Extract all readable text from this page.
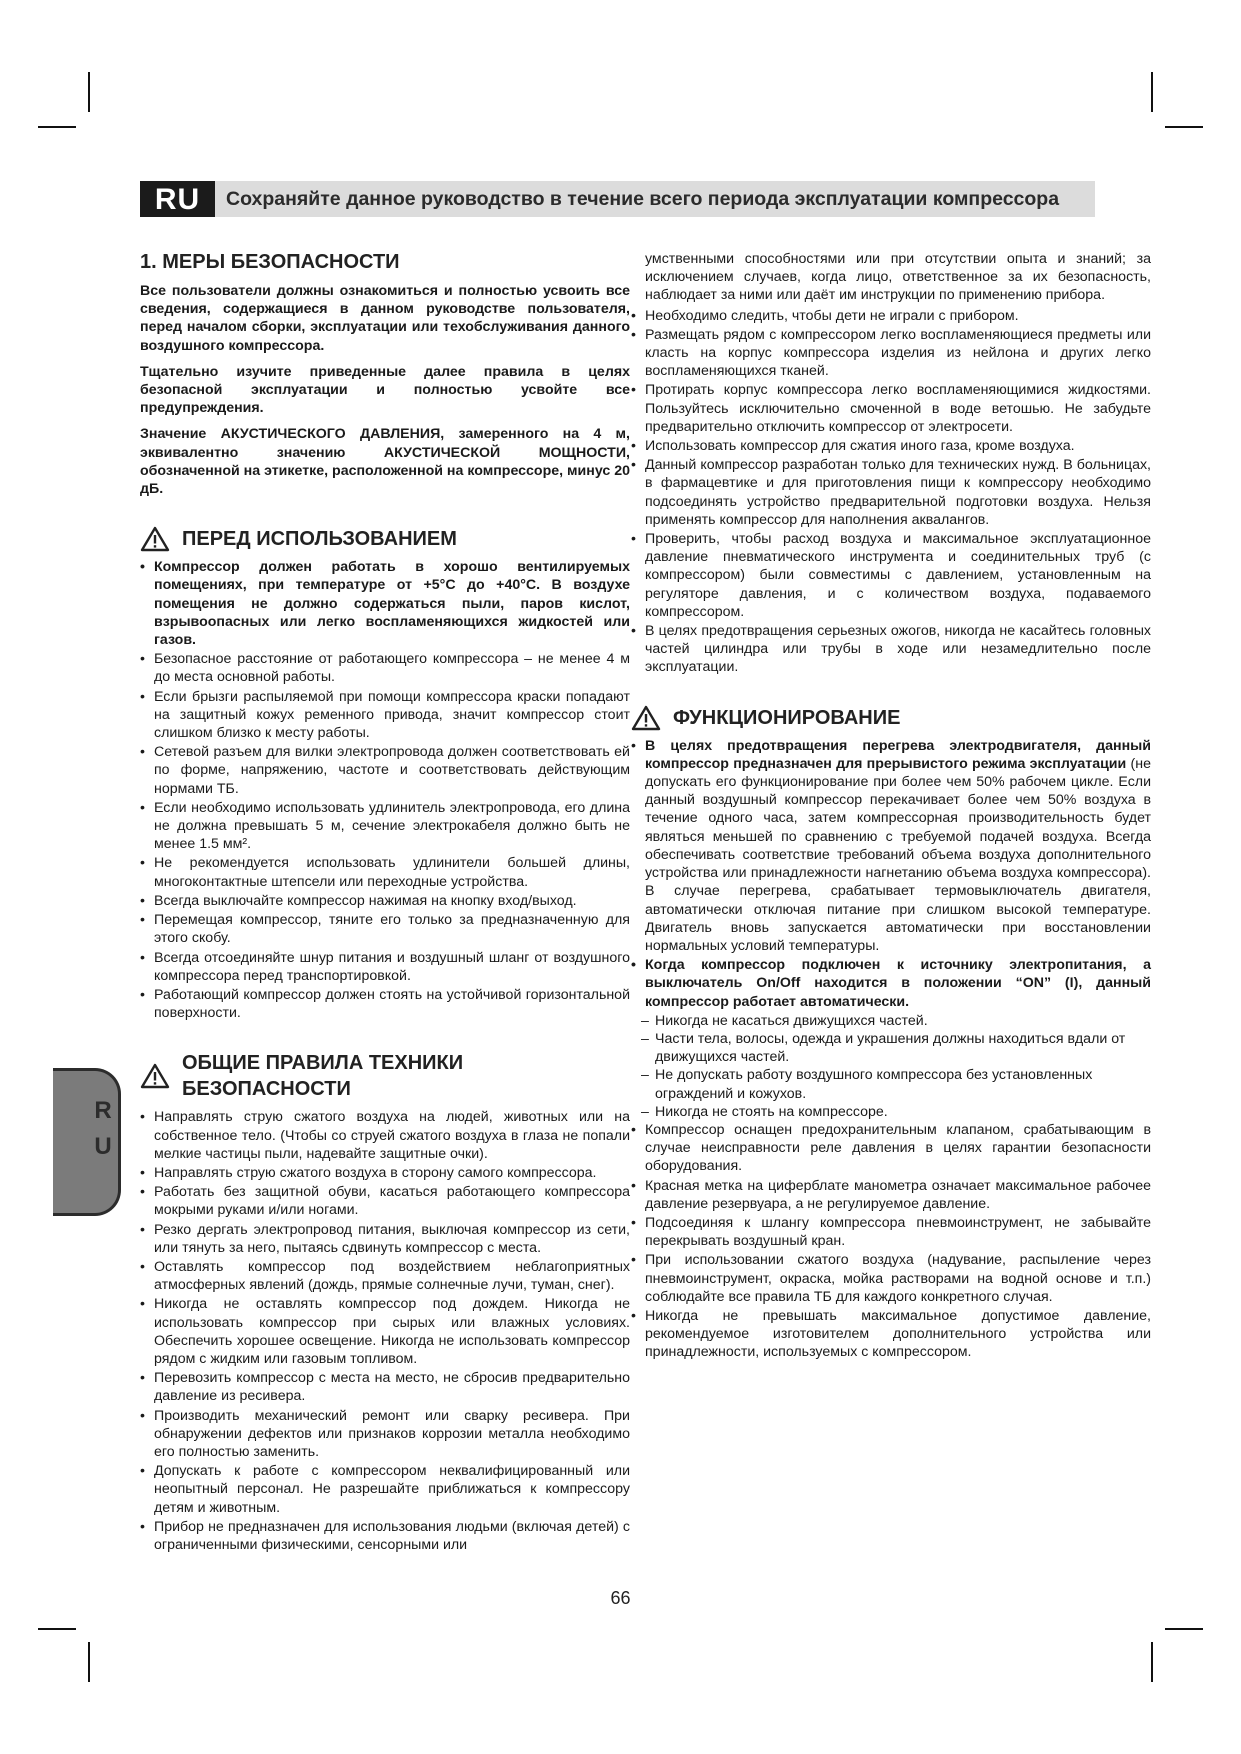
RU	Сохраняйте данное руководство в течение всего периода эксплуатации компрессора
1. МЕРЫ БЕЗОПАСНОСТИ

Все пользователи должны ознакомиться и полностью усвоить все сведения, содержащиеся в данном руководстве пользователя, перед началом сборки, эксплуатации или техобслуживания данного воздушного компрессора.

Тщательно изучите приведенные далее правила в целях безопасной эксплуатации и полностью усвойте все предупреждения.

Значение АКУСТИЧЕСКОГО ДАВЛЕНИЯ, замеренного на 4 м, эквивалентно значению АКУСТИЧЕСКОЙ МОЩНОСТИ, обозначенной на этикетке, расположенной на компрессоре, минус 20 дБ.

ПЕРЕД ИСПОЛЬЗОВАНИЕМ
• Компрессор должен работать в хорошо вентилируемых помещениях, при температуре от +5°C до +40°C. В воздухе помещения не должно содержаться пыли, паров кислот, взрывоопасных или легко воспламеняющихся жидкостей или газов.
• Безопасное расстояние от работающего компрессора – не менее 4 м до места основной работы.
• Если брызги распыляемой при помощи компрессора краски попадают на защитный кожух ременного привода, значит компрессор стоит слишком близко к месту работы.
• Сетевой разъем для вилки электропровода должен соответствовать ей по форме, напряжению, частоте и соответствовать действующим нормами ТБ.
• Если необходимо использовать удлинитель электропровода, его длина не должна превышать 5 м, сечение электрокабеля должно быть не менее 1.5 мм².
• Не рекомендуется использовать удлинители большей длины, многоконтактные штепсели или переходные устройства.
• Всегда выключайте компрессор нажимая на кнопку вход/выход.
• Перемещая компрессор, тяните его только за предназначенную для этого скобу.
• Всегда отсоединяйте шнур питания и воздушный шланг от воздушного компрессора перед транспортировкой.
• Работающий компрессор должен стоять на устойчивой горизонтальной поверхности.
ОБЩИЕ ПРАВИЛА ТЕХНИКИ БЕЗОПАСНОСТИ
• Направлять струю сжатого воздуха на людей, животных или на собственное тело. (Чтобы со струей сжатого воздуха в глаза не попали мелкие частицы пыли, надевайте защитные очки).
• Направлять струю сжатого воздуха в сторону самого компрессора.
• Работать без защитной обуви, касаться работающего компрессора мокрыми руками и/или ногами.
• Резко дергать электропровод питания, выключая компрессор из сети, или тянуть за него, пытаясь сдвинуть компрессор с места.
• Оставлять компрессор под воздействием неблагоприятных атмосферных явлений (дождь, прямые солнечные лучи, туман, снег).
• Никогда не оставлять компрессор под дождем. Никогда не использовать компрессор при сырых или влажных условиях. Обеспечить хорошее освещение. Никогда не использовать компрессор рядом с жидким или газовым топливом.
• Перевозить компрессор с места на место, не сбросив предварительно давление из ресивера.
• Производить механический ремонт или сварку ресивера. При обнаружении дефектов или признаков коррозии металла необходимо его полностью заменить.
• Допускать к работе с компрессором неквалифицированный или неопытный персонал. Не разрешайте приближаться к компрессору детям и животным.
• Прибор не предназначен для использования людьми (включая детей) с ограниченными физическими, сенсорными или

умственными способностями или при отсутствии опыта и знаний; за исключением случаев, когда лицо, ответственное за их безопасность, наблюдает за ними или даёт им инструкции по применению прибора.

• Необходимо следить, чтобы дети не играли с прибором.
• Размещать рядом с компрессором легко воспламеняющиеся предметы или класть на корпус компрессора изделия из нейлона и других легко воспламеняющихся тканей.
• Протирать корпус компрессора легко воспламеняющимися жидкостями. Пользуйтесь исключительно смоченной в воде ветошью. Не забудьте предварительно отключить компрессор от электросети.
• Использовать компрессор для сжатия иного газа, кроме воздуха.
• Данный компрессор разработан только для технических нужд. В больницах, в фармацевтике и для приготовления пищи к компрессору необходимо подсоединять устройство предварительной подготовки воздуха. Нельзя применять компрессор для наполнения аквалангов.
• Проверить, чтобы расход воздуха и максимальное эксплуатационное давление пневматического инструмента и соединительных труб (с компрессором) были совместимы с давлением, установленным на регуляторе давления, и с количеством воздуха, подаваемого компрессором.
• В целях предотвращения серьезных ожогов, никогда не касайтесь головных частей цилиндра или трубы в ходе или незамедлительно после эксплуатации.
ФУНКЦИОНИРОВАНИЕ
• В целях предотвращения перегрева электродвигателя, данный компрессор предназначен для прерывистого режима эксплуатации (не допускать его функционирование при более чем 50% рабочем цикле. Если данный воздушный компрессор перекачивает более чем 50% воздуха в течение одного часа, затем компрессорная производительность будет являться меньшей по сравнению с требуемой подачей воздуха. Всегда обеспечивать соответствие требований объема воздуха дополнительного устройства или принадлежности нагнетанию объема воздуха компрессора). В случае перегрева, срабатывает термовыключатель двигателя, автоматически отключая питание при слишком высокой температуре. Двигатель вновь запускается автоматически при восстановлении нормальных условий температуры.
• Когда компрессор подключен к источнику электропитания, а выключатель On/Off находится в положении “ON” (I), данный компрессор работает автоматически.
– Никогда не касаться движущихся частей.
– Части тела, волосы, одежда и украшения должны находиться вдали от движущихся частей.
– Не допускать работу воздушного компрессора без установленных ограждений и кожухов.
– Никогда не стоять на компрессоре.
• Компрессор оснащен предохранительным клапаном, срабатывающим в случае неисправности реле давления в целях гарантии безопасности оборудования.
• Красная метка на циферблате манометра означает максимальное рабочее давление резервуара, а не регулируемое давление.
• Подсоединяя к шлангу компрессора пневмоинструмент, не забывайте перекрывать воздушный кран.
• При использовании сжатого воздуха (надувание, распыление через пневмоинструмент, окраска, мойка растворами на водной основе и т.п.) соблюдайте все правила ТБ для каждого конкретного случая.
• Никогда не превышать максимальное допустимое давление, рекомендуемое изготовителем дополнительного устройства или принадлежности, используемых с компрессором.
R
U
66
